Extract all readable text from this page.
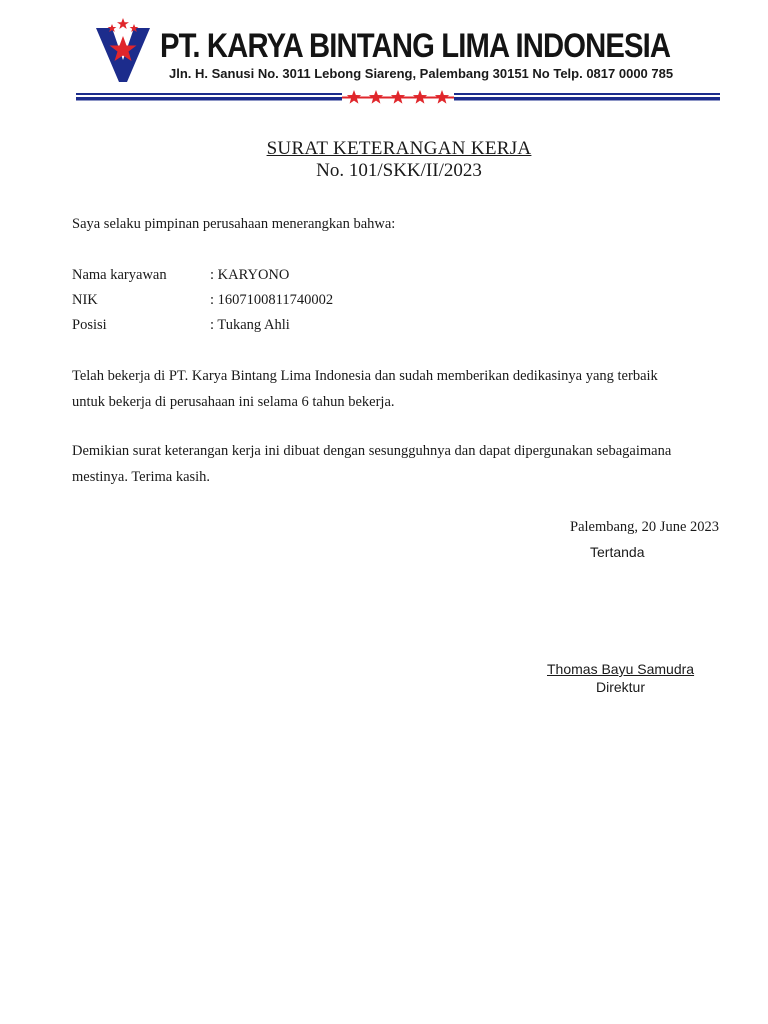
PT. KARYA BINTANG LIMA INDONESIA
Jln. H. Sanusi No. 3011 Lebong Siareng, Palembang 30151 No Telp. 0817 0000 785
SURAT KETERANGAN KERJA
No. 101/SKK/II/2023
Saya selaku pimpinan perusahaan menerangkan bahwa:
Nama karyawan	: KARYONO
NIK	: 1607100811740002
Posisi	: Tukang Ahli
Telah bekerja di PT. Karya Bintang Lima Indonesia dan sudah memberikan dedikasinya yang terbaik
untuk bekerja di perusahaan ini selama 6 tahun bekerja.
Demikian surat keterangan kerja ini dibuat dengan sesungguhnya dan dapat dipergunakan sebagaimana
mestinya. Terima kasih.
Palembang, 20 June 2023
Tertanda
Thomas Bayu Samudra
Direktur
